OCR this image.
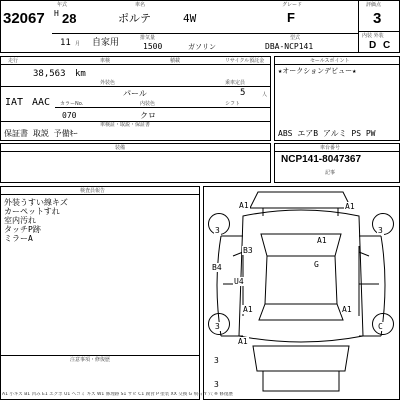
32067
年式
H 28
11 月
車名
ポルテ	4W
グレード
F
評価点
3
自家用	排気量
1500	ガソリン
型式
DBA-NCP141
内装 外装
D C
走行	車検	積載	リサイクル預託金
38,563 km
外装色	乗車定員
パール	5	人
IAT AAC カラーNo.	内装色	シフト
070	クロ
車検証・取説・保証書
保証書 取説 予備ｷｰ
セールスポイント
★オークションデビュー★
ABS エアB アルミ PS PW
装備	車台番号
NCP141-8047367
記事
検査員報告
外装うすい線キズ
カーペットすれ
室内汚れ
タッチP跡
ミラーA
注意事項・修復歴
A1	A1
B3
A1
G
B4
U4
A1	A1
A1
3	3
3
3
3
C
A1 小キズ B1 凹み E1 エクボ U1 ヘコミ キズ W1 修理跡 S1 サビ C1 腐食 P 塗装 XX 交換 G 飛石 Y 穴 ※ 修復歴
